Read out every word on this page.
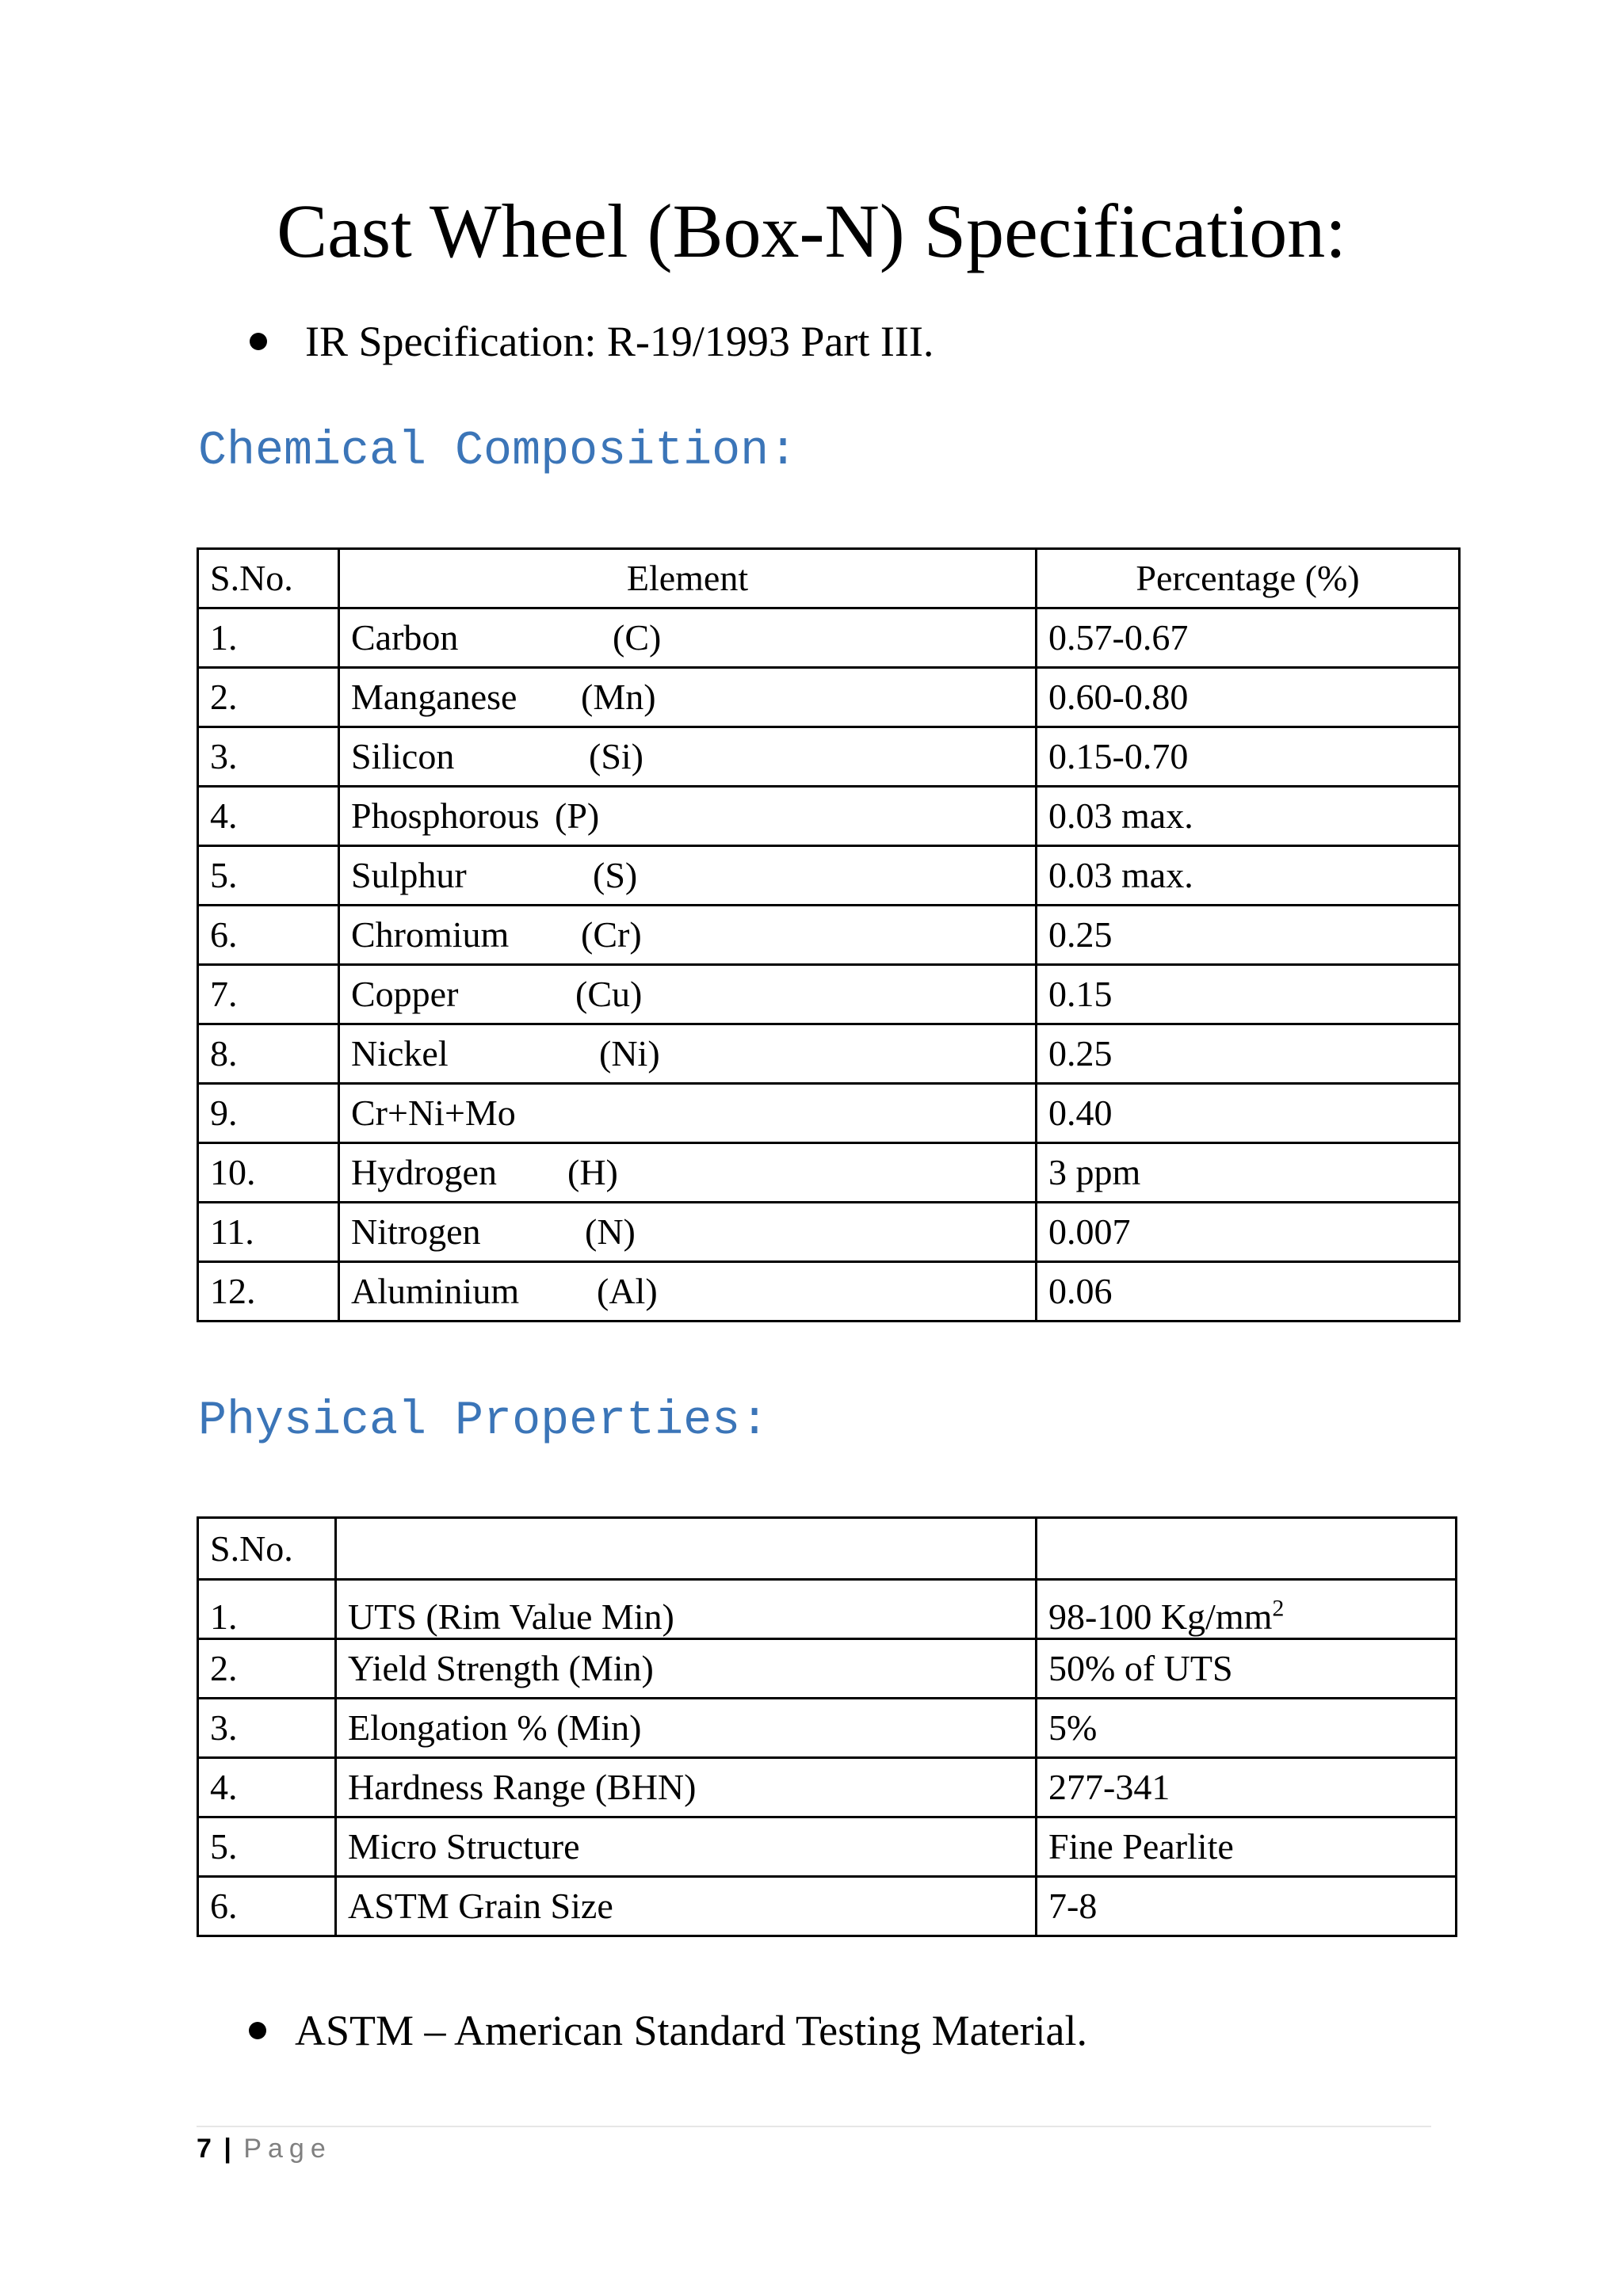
Cast Wheel (Box-N) Specification:
IR Specification: R-19/1993 Part III.
Chemical Composition:
S.No.	Element	Percentage (%)
1.	Carbon (C)	0.57-0.67
2.	Manganese (Mn)	0.60-0.80
3.	Silicon (Si)	0.15-0.70
4.	Phosphorous (P)	0.03 max.
5.	Sulphur (S)	0.03 max.
6.	Chromium (Cr)	0.25
7.	Copper (Cu)	0.15
8.	Nickel (Ni)	0.25
9.	Cr+Ni+Mo	0.40
10.	Hydrogen (H)	3 ppm
11.	Nitrogen (N)	0.007
12.	Aluminium (Al)	0.06
Physical Properties:
S.No.		
1.	UTS (Rim Value Min)	98-100 $Kg/mm^2$
2.	Yield Strength (Min)	50% of UTS
3.	Elongation % (Min)	5%
4.	Hardness Range (BHN)	277-341
5.	Micro Structure	Fine Pearlite
6.	ASTM Grain Size	7-8
ASTM – American Standard Testing Material.
7 | Page
